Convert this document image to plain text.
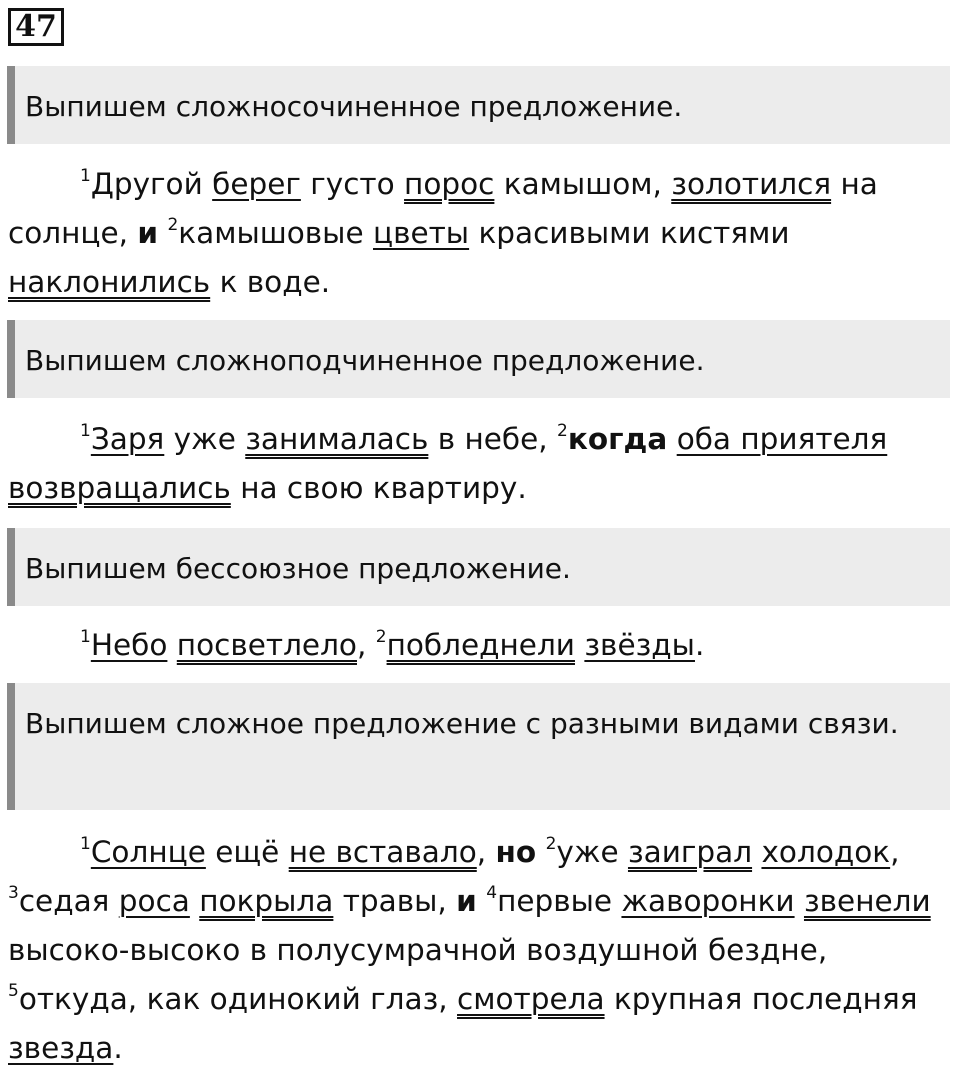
47
Выпишем сложносочиненное предложение.

$^1$Другой берег густо порос камышом, золотился на солнце, и $^2$камышовые цветы красивыми кистями наклонились к воде.

Выпишем сложноподчиненное предложение.

$^1$Заря уже занималась в небе, $^2$когда оба приятеля возвращались на свою квартиру.

Выпишем бессоюзное предложение.

$^1$Небо посветлело, $^2$побледнели звёзды.

Выпишем сложное предложение с разными видами связи.

$^1$Солнце ещё не вставало, но $^2$уже заиграл холодок, $^3$седая роса покрыла травы, и $^4$первые жаворонки звенели высоко-высоко в полусумрачной воздушной бездне, $^5$откуда, как одинокий глаз, смотрела крупная последняя звезда.
